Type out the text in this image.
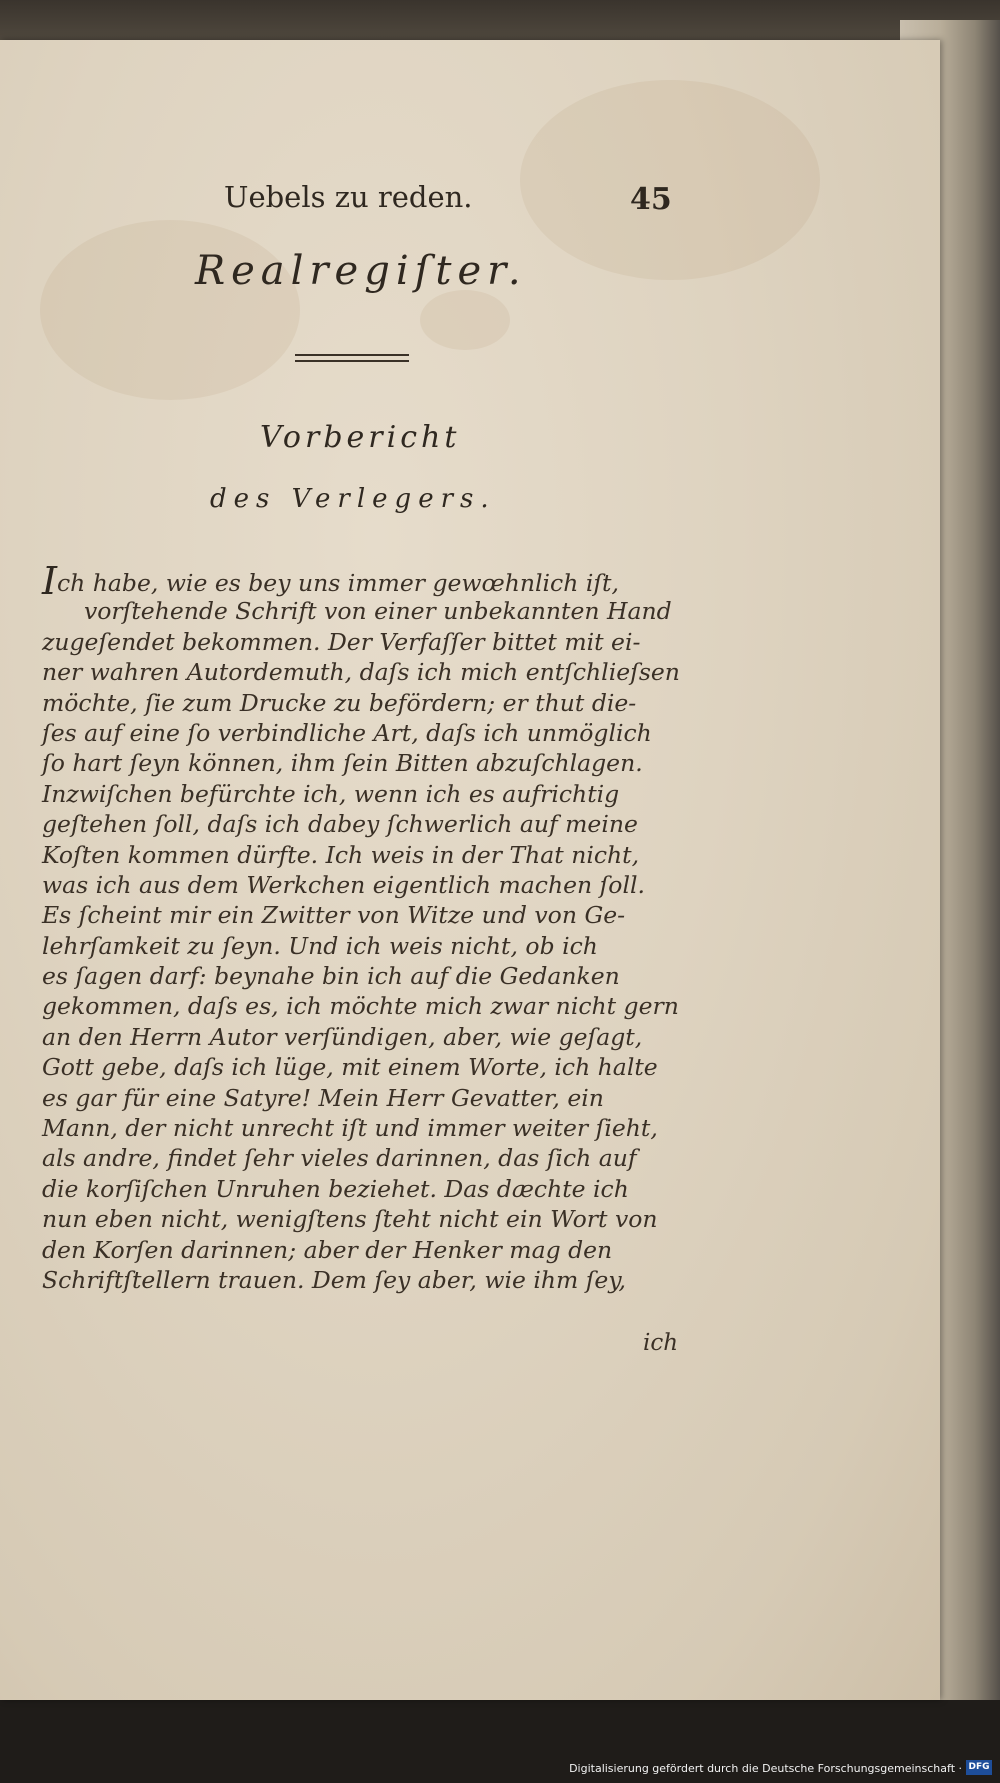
Uebels zu reden.	45
Realregiſter.
Vorbericht
des Verlegers.
Ich habe, wie es bey uns immer gewœhnlich iſt,
vorſtehende Schrift von einer unbekannten Hand
zugeſendet bekommen. Der Verfaſſer bittet mit ei-
ner wahren Autordemuth, daſs ich mich entſchlieſsen
möchte, ſie zum Drucke zu befördern; er thut die-
ſes auf eine ſo verbindliche Art, daſs ich unmöglich
ſo hart ſeyn können, ihm ſein Bitten abzuſchlagen.
Inzwiſchen befürchte ich, wenn ich es aufrichtig
geſtehen ſoll, daſs ich dabey ſchwerlich auf meine
Koſten kommen dürfte. Ich weis in der That nicht,
was ich aus dem Werkchen eigentlich machen ſoll.
Es ſcheint mir ein Zwitter von Witze und von Ge-
lehrſamkeit zu ſeyn. Und ich weis nicht, ob ich
es ſagen darf: beynahe bin ich auf die Gedanken
gekommen, daſs es, ich möchte mich zwar nicht gern
an den Herrn Autor verſündigen, aber, wie geſagt,
Gott gebe, daſs ich lüge, mit einem Worte, ich halte
es gar für eine Satyre! Mein Herr Gevatter, ein
Mann, der nicht unrecht iſt und immer weiter ſieht,
als andre, findet ſehr vieles darinnen, das ſich auf
die korſiſchen Unruhen beziehet. Das dæchte ich
nun eben nicht, wenigſtens ſteht nicht ein Wort von
den Korſen darinnen; aber der Henker mag den
Schriftſtellern trauen. Dem ſey aber, wie ihm ſey,
ich
Digitalisierung gefördert durch die Deutsche Forschungsgemeinschaft · DFG
